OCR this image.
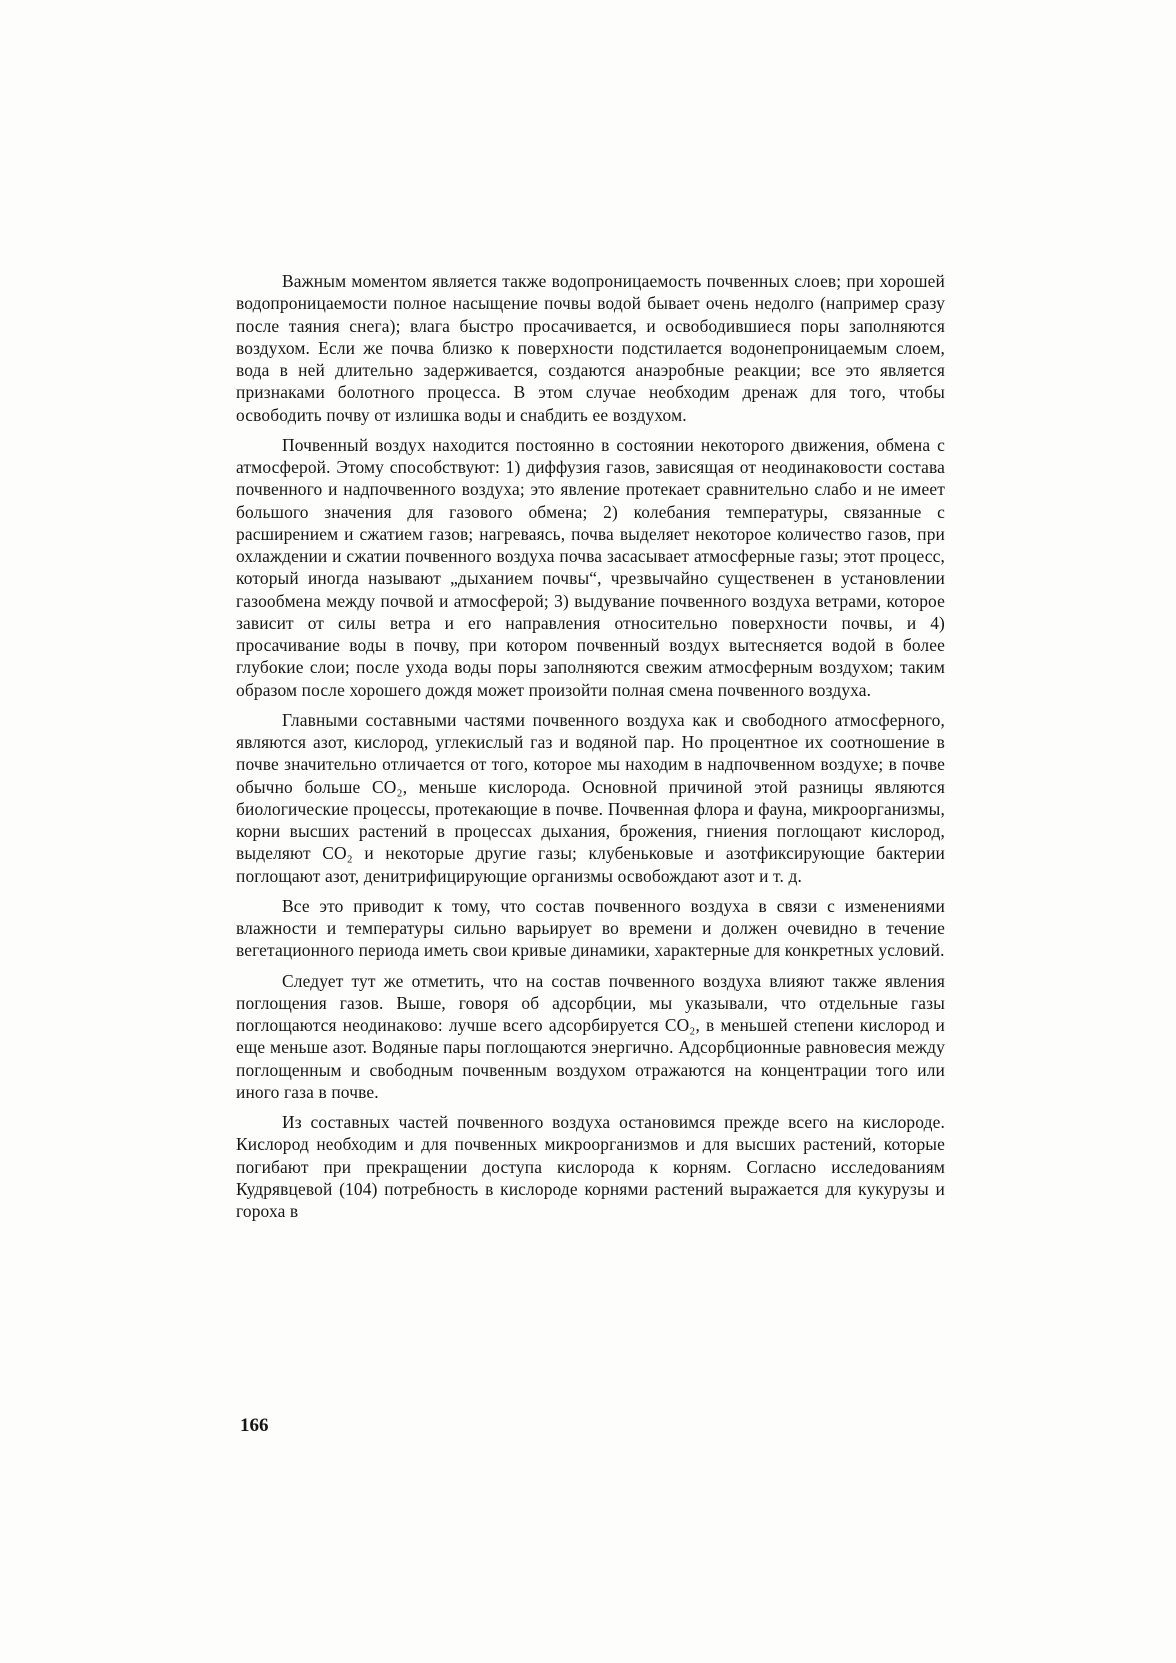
Важным моментом является также водопроницаемость почвенных слоев; при хорошей водопроницаемости полное насыщение почвы водой бывает очень недолго (например сразу после таяния снега); влага быстро просачивается, и освободившиеся поры заполняются воздухом. Если же почва близко к поверхности подстилается водонепроницаемым слоем, вода в ней длительно задерживается, создаются анаэробные реакции; все это является признаками болотного процесса. В этом случае необходим дренаж для того, чтобы освободить почву от излишка воды и снабдить ее воздухом.

Почвенный воздух находится постоянно в состоянии некоторого движения, обмена с атмосферой. Этому способствуют: 1) диффузия газов, зависящая от неодинаковости состава почвенного и надпочвенного воздуха; это явление протекает сравнительно слабо и не имеет большого значения для газового обмена; 2) колебания температуры, связанные с расширением и сжатием газов; нагреваясь, почва выделяет некоторое количество газов, при охлаждении и сжатии почвенного воздуха почва засасывает атмосферные газы; этот процесс, который иногда называют „дыханием почвы“, чрезвычайно существенен в установлении газообмена между почвой и атмосферой; 3) выдувание почвенного воздуха ветрами, которое зависит от силы ветра и его направления относительно поверхности почвы, и 4) просачивание воды в почву, при котором почвенный воздух вытесняется водой в более глубокие слои; после ухода воды поры заполняются свежим атмосферным воздухом; таким образом после хорошего дождя может произойти полная смена почвенного воздуха.

Главными составными частями почвенного воздуха как и свободного атмосферного, являются азот, кислород, углекислый газ и водяной пар. Но процентное их соотношение в почве значительно отличается от того, которое мы находим в надпочвенном воздухе; в почве обычно больше CO₂, меньше кислорода. Основной причиной этой разницы являются биологические процессы, протекающие в почве. Почвенная флора и фауна, микроорганизмы, корни высших растений в процессах дыхания, брожения, гниения поглощают кислород, выделяют CO₂ и некоторые другие газы; клубеньковые и азотфиксирующие бактерии поглощают азот, денитрифицирующие организмы освобождают азот и т. д.

Все это приводит к тому, что состав почвенного воздуха в связи с изменениями влажности и температуры сильно варьирует во времени и должен очевидно в течение вегетационного периода иметь свои кривые динамики, характерные для конкретных условий.

Следует тут же отметить, что на состав почвенного воздуха влияют также явления поглощения газов. Выше, говоря об адсорбции, мы указывали, что отдельные газы поглощаются неодинаково: лучше всего адсорбируется CO₂, в меньшей степени кислород и еще меньше азот. Водяные пары поглощаются энергично. Адсорбционные равновесия между поглощенным и свободным почвенным воздухом отражаются на концентрации того или иного газа в почве.

Из составных частей почвенного воздуха остановимся прежде всего на кислороде. Кислород необходим и для почвенных микроорганизмов и для высших растений, которые погибают при прекращении доступа кислорода к корням. Согласно исследованиям Кудрявцевой (104) потребность в кислороде корнями растений выражается для кукурузы и гороха в

166
